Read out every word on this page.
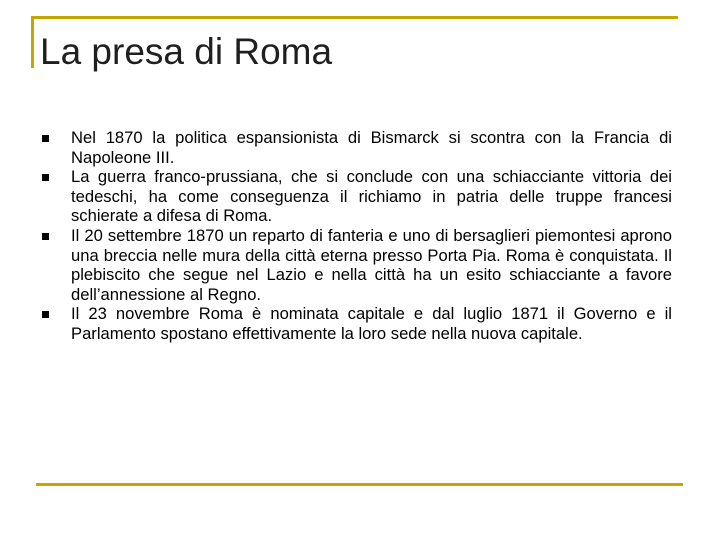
La presa di Roma
Nel 1870 la politica espansionista di Bismarck si scontra con la Francia di Napoleone III.
La guerra franco-prussiana, che si conclude con una schiacciante vittoria dei tedeschi, ha come conseguenza il richiamo in patria delle truppe francesi schierate a difesa di Roma.
Il 20 settembre 1870 un reparto di fanteria e uno di bersaglieri piemontesi aprono una breccia nelle mura della città eterna presso Porta Pia. Roma è conquistata. Il plebiscito che segue nel Lazio e nella città ha un esito schiacciante a favore dell’annessione al Regno.
Il 23 novembre Roma è nominata capitale e dal luglio 1871 il Governo e il Parlamento spostano effettivamente la loro sede nella nuova capitale.
